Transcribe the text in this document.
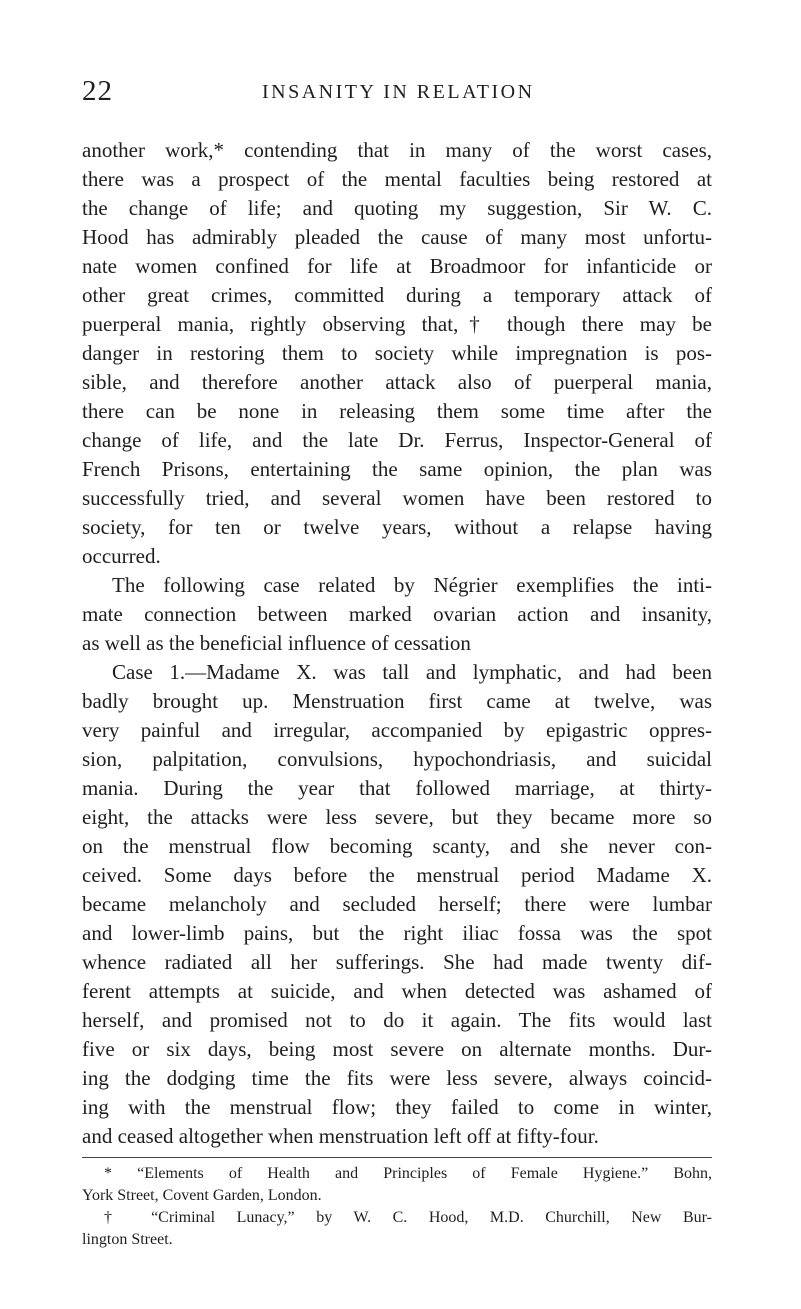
22	INSANITY IN RELATION
another work,* contending that in many of the worst cases,
there was a prospect of the mental faculties being restored at
the change of life; and quoting my suggestion, Sir W. C.
Hood has admirably pleaded the cause of many most unfortu-
nate women confined for life at Broadmoor for infanticide or
other great crimes, committed during a temporary attack of
puerperal mania, rightly observing that,† though there may be
danger in restoring them to society while impregnation is pos-
sible, and therefore another attack also of puerperal mania,
there can be none in releasing them some time after the
change of life, and the late Dr. Ferrus, Inspector-General of
French Prisons, entertaining the same opinion, the plan was
successfully tried, and several women have been restored to
society, for ten or twelve years, without a relapse having
occurred.
The following case related by Négrier exemplifies the inti-
mate connection between marked ovarian action and insanity,
as well as the beneficial influence of cessation
Case 1.—Madame X. was tall and lymphatic, and had been
badly brought up. Menstruation first came at twelve, was
very painful and irregular, accompanied by epigastric oppres-
sion, palpitation, convulsions, hypochondriasis, and suicidal
mania. During the year that followed marriage, at thirty-
eight, the attacks were less severe, but they became more so
on the menstrual flow becoming scanty, and she never con-
ceived. Some days before the menstrual period Madame X.
became melancholy and secluded herself; there were lumbar
and lower-limb pains, but the right iliac fossa was the spot
whence radiated all her sufferings. She had made twenty dif-
ferent attempts at suicide, and when detected was ashamed of
herself, and promised not to do it again. The fits would last
five or six days, being most severe on alternate months. Dur-
ing the dodging time the fits were less severe, always coincid-
ing with the menstrual flow; they failed to come in winter,
and ceased altogether when menstruation left off at fifty-four.
* “Elements of Health and Principles of Female Hygiene.” Bohn,
York Street, Covent Garden, London.
† “Criminal Lunacy,” by W. C. Hood, M.D. Churchill, New Bur-
lington Street.
